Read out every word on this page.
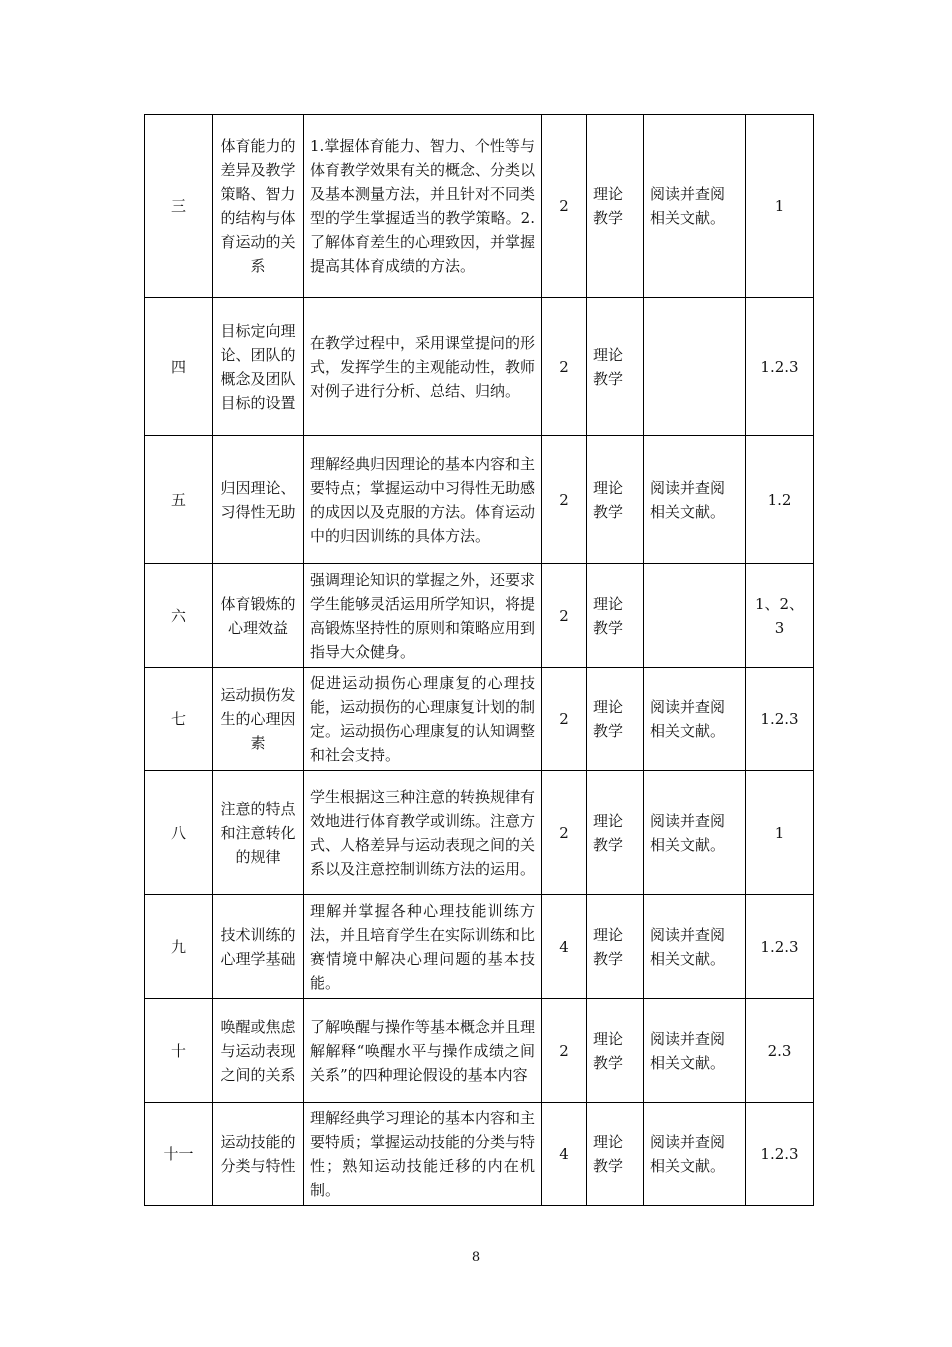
三	体育能力的差异及教学策略、智力的结构与体育运动的关系	1.掌握体育能力、智力、个性等与体育教学效果有关的概念、分类以及基本测量方法，并且针对不同类型的学生掌握适当的教学策略。2.了解体育差生的心理致因，并掌握提高其体育成绩的方法。	2	理论教学	阅读并查阅相关文献。	1
四	目标定向理论、团队的概念及团队目标的设置	在教学过程中，采用课堂提问的形式，发挥学生的主观能动性，教师对例子进行分析、总结、归纳。	2	理论教学		1.2.3
五	归因理论、习得性无助	理解经典归因理论的基本内容和主要特点；掌握运动中习得性无助感的成因以及克服的方法。体育运动中的归因训练的具体方法。	2	理论教学	阅读并查阅相关文献。	1.2
六	体育锻炼的心理效益	强调理论知识的掌握之外，还要求学生能够灵活运用所学知识，将提高锻炼坚持性的原则和策略应用到指导大众健身。	2	理论教学		1、2、3
七	运动损伤发生的心理因素	促进运动损伤心理康复的心理技能，运动损伤的心理康复计划的制定。运动损伤心理康复的认知调整和社会支持。	2	理论教学	阅读并查阅相关文献。	1.2.3
八	注意的特点和注意转化的规律	学生根据这三种注意的转换规律有效地进行体育教学或训练。注意方式、人格差异与运动表现之间的关系以及注意控制训练方法的运用。	2	理论教学	阅读并查阅相关文献。	1
九	技术训练的心理学基础	理解并掌握各种心理技能训练方法，并且培育学生在实际训练和比赛情境中解决心理问题的基本技能。	4	理论教学	阅读并查阅相关文献。	1.2.3
十	唤醒或焦虑与运动表现之间的关系	了解唤醒与操作等基本概念并且理解解释“唤醒水平与操作成绩之间关系”的四种理论假设的基本内容	2	理论教学	阅读并查阅相关文献。	2.3
十一	运动技能的分类与特性	理解经典学习理论的基本内容和主要特质；掌握运动技能的分类与特性；熟知运动技能迁移的内在机制。	4	理论教学	阅读并查阅相关文献。	1.2.3
8
